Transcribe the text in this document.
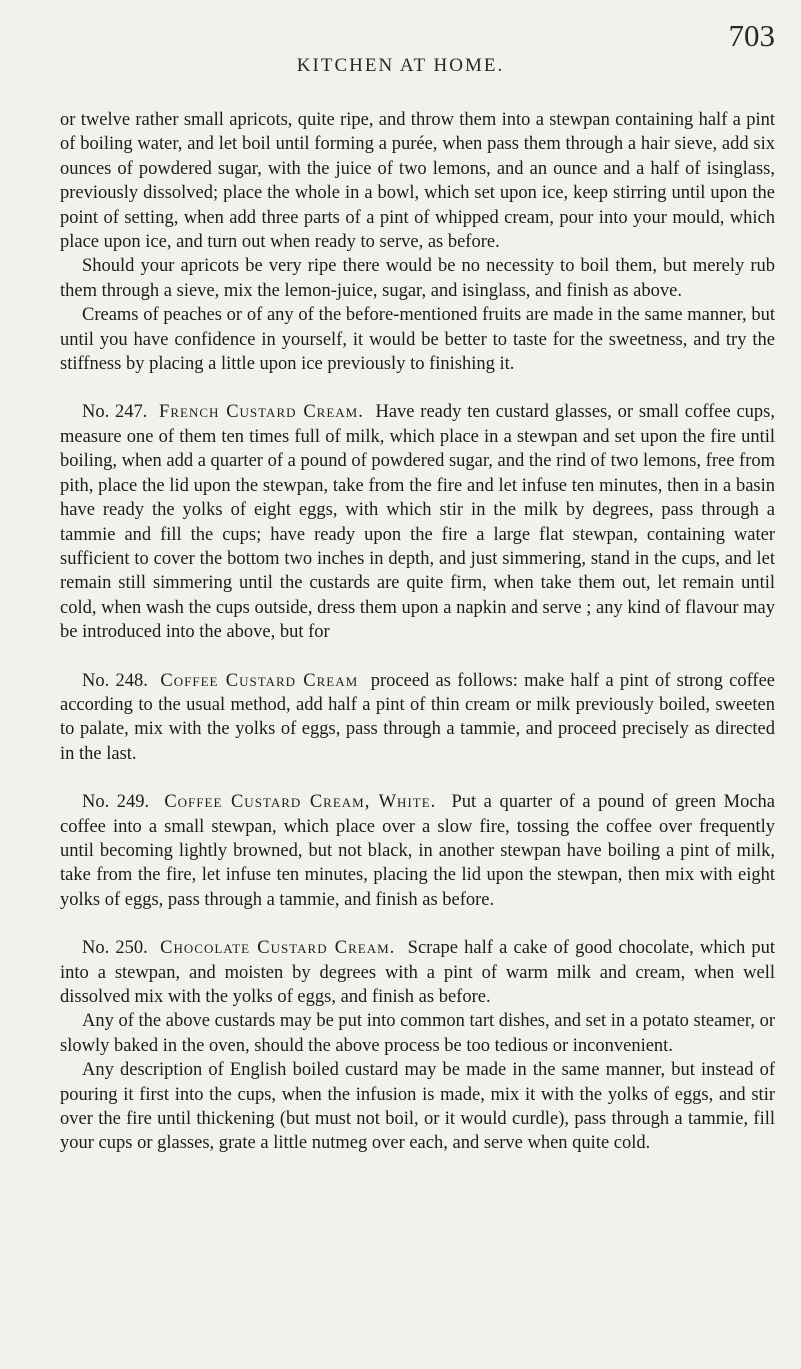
703
KITCHEN AT HOME.

or twelve rather small apricots, quite ripe, and throw them into a stewpan containing half a pint of boiling water, and let boil until forming a purée, when pass them through a hair sieve, add six ounces of powdered sugar, with the juice of two lemons, and an ounce and a half of isinglass, previously dissolved; place the whole in a bowl, which set upon ice, keep stirring until upon the point of setting, when add three parts of a pint of whipped cream, pour into your mould, which place upon ice, and turn out when ready to serve, as before.

Should your apricots be very ripe there would be no necessity to boil them, but merely rub them through a sieve, mix the lemon-juice, sugar, and isinglass, and finish as above.

Creams of peaches or of any of the before-mentioned fruits are made in the same manner, but until you have confidence in yourself, it would be better to taste for the sweetness, and try the stiffness by placing a little upon ice previously to finishing it.

No. 247. French Custard Cream. Have ready ten custard glasses, or small coffee cups, measure one of them ten times full of milk, which place in a stewpan and set upon the fire until boiling, when add a quarter of a pound of powdered sugar, and the rind of two lemons, free from pith, place the lid upon the stewpan, take from the fire and let infuse ten minutes, then in a basin have ready the yolks of eight eggs, with which stir in the milk by degrees, pass through a tammie and fill the cups; have ready upon the fire a large flat stewpan, containing water sufficient to cover the bottom two inches in depth, and just simmering, stand in the cups, and let remain still simmering until the custards are quite firm, when take them out, let remain until cold, when wash the cups outside, dress them upon a napkin and serve ; any kind of flavour may be introduced into the above, but for

No. 248. Coffee Custard Cream proceed as follows: make half a pint of strong coffee according to the usual method, add half a pint of thin cream or milk previously boiled, sweeten to palate, mix with the yolks of eggs, pass through a tammie, and proceed precisely as directed in the last.

No. 249. Coffee Custard Cream, White. Put a quarter of a pound of green Mocha coffee into a small stewpan, which place over a slow fire, tossing the coffee over frequently until becoming lightly browned, but not black, in another stewpan have boiling a pint of milk, take from the fire, let infuse ten minutes, placing the lid upon the stewpan, then mix with eight yolks of eggs, pass through a tammie, and finish as before.

No. 250. Chocolate Custard Cream. Scrape half a cake of good chocolate, which put into a stewpan, and moisten by degrees with a pint of warm milk and cream, when well dissolved mix with the yolks of eggs, and finish as before.

Any of the above custards may be put into common tart dishes, and set in a potato steamer, or slowly baked in the oven, should the above process be too tedious or inconvenient.

Any description of English boiled custard may be made in the same manner, but instead of pouring it first into the cups, when the infusion is made, mix it with the yolks of eggs, and stir over the fire until thickening (but must not boil, or it would curdle), pass through a tammie, fill your cups or glasses, grate a little nutmeg over each, and serve when quite cold.
